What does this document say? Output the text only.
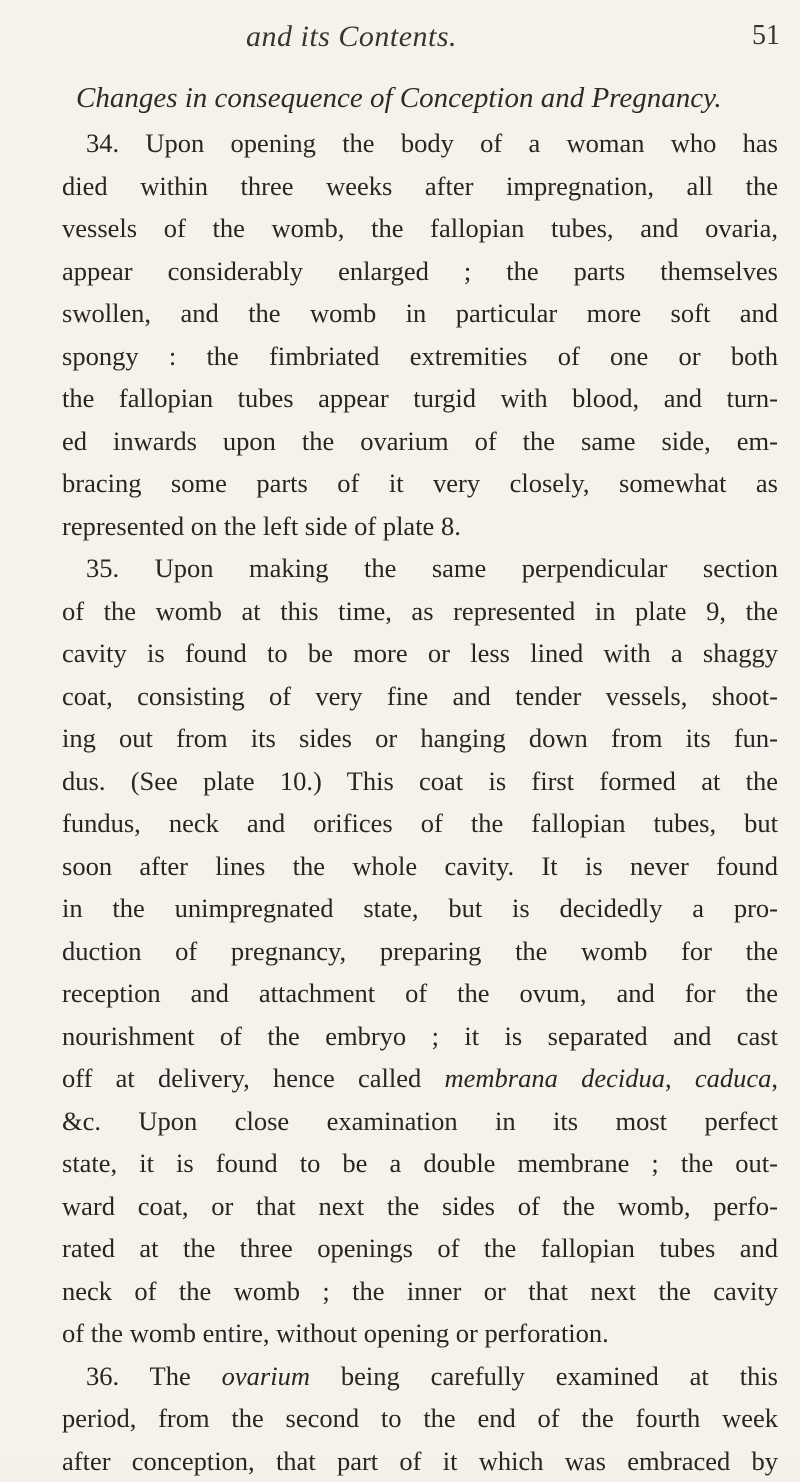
and its Contents.	51
Changes in consequence of Conception and Pregnancy.
34. Upon opening the body of a woman who has
died within three weeks after impregnation, all the
vessels of the womb, the fallopian tubes, and ovaria,
appear considerably enlarged ; the parts themselves
swollen, and the womb in particular more soft and
spongy : the fimbriated extremities of one or both
the fallopian tubes appear turgid with blood, and turn-
ed inwards upon the ovarium of the same side, em-
bracing some parts of it very closely, somewhat as
represented on the left side of plate 8.
35. Upon making the same perpendicular section
of the womb at this time, as represented in plate 9, the
cavity is found to be more or less lined with a shaggy
coat, consisting of very fine and tender vessels, shoot-
ing out from its sides or hanging down from its fun-
dus. (See plate 10.) This coat is first formed at the
fundus, neck and orifices of the fallopian tubes, but
soon after lines the whole cavity. It is never found
in the unimpregnated state, but is decidedly a pro-
duction of pregnancy, preparing the womb for the
reception and attachment of the ovum, and for the
nourishment of the embryo ; it is separated and cast
off at delivery, hence called membrana decidua, caduca,
&c. Upon close examination in its most perfect
state, it is found to be a double membrane ; the out-
ward coat, or that next the sides of the womb, perfo-
rated at the three openings of the fallopian tubes and
neck of the womb ; the inner or that next the cavity
of the womb entire, without opening or perforation.
36. The ovarium being carefully examined at this
period, from the second to the end of the fourth week
after conception, that part of it which was embraced by
